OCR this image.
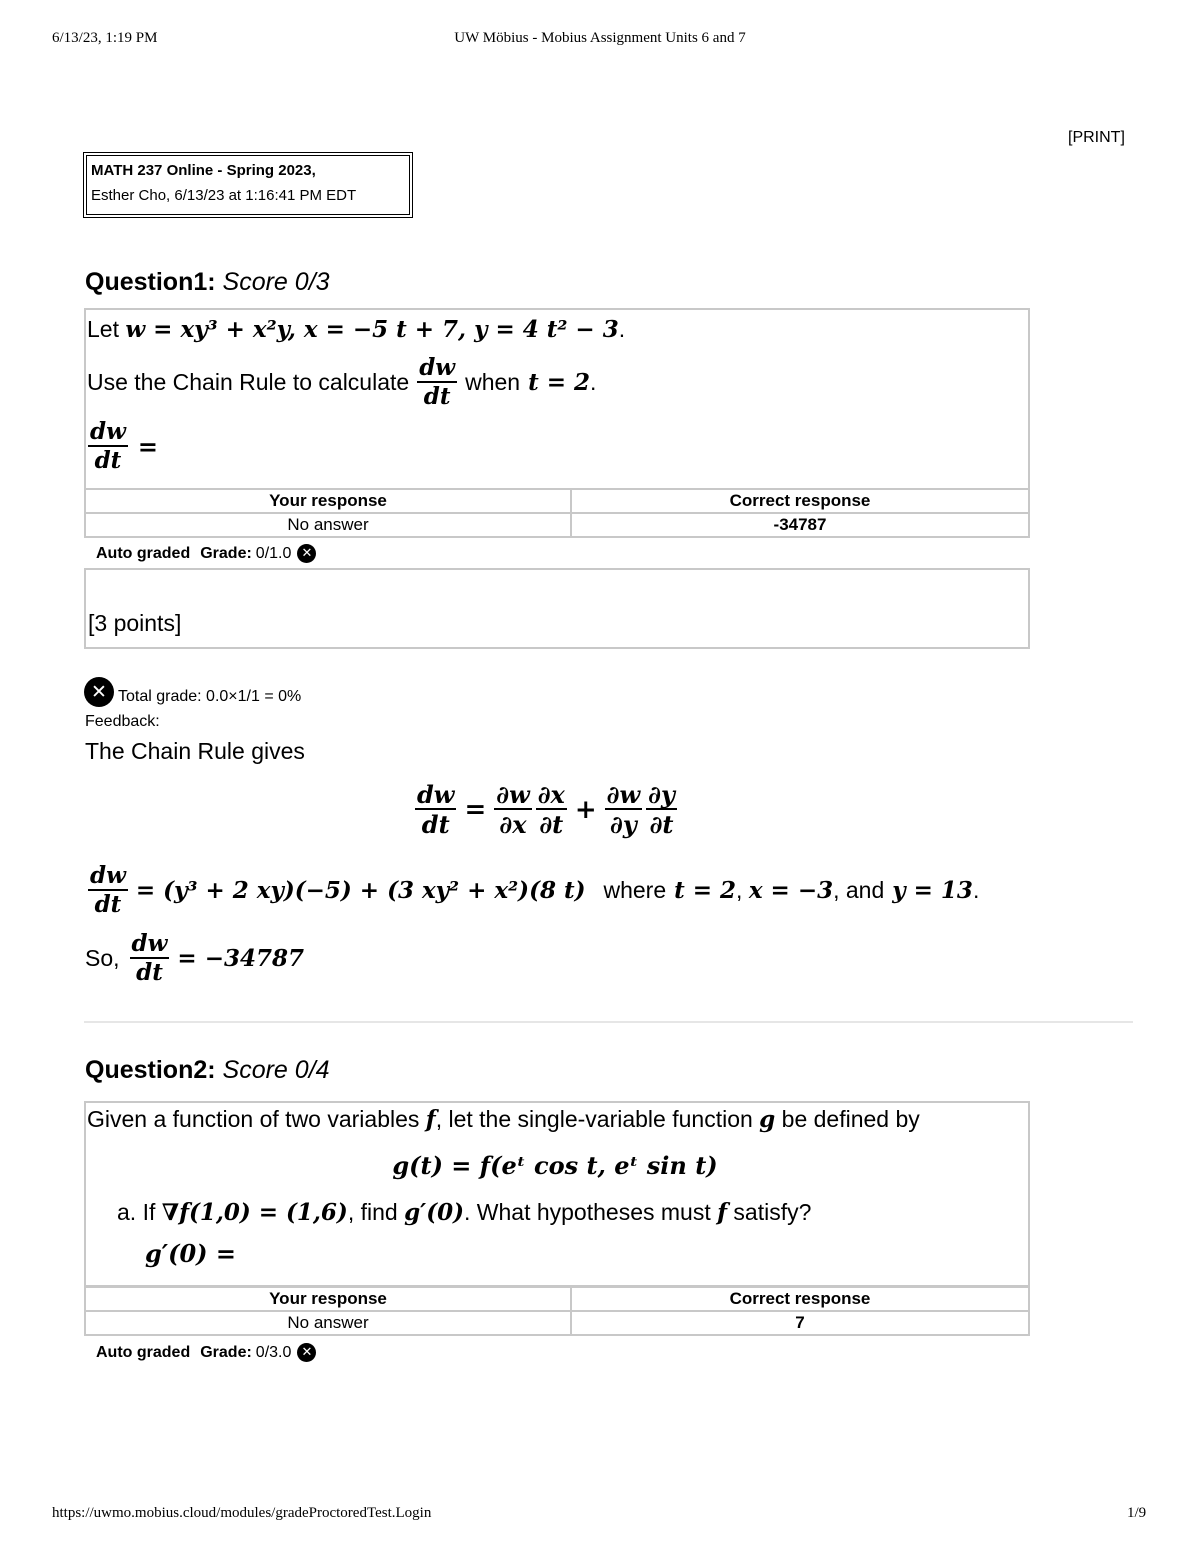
6/13/23, 1:19 PM	UW Möbius - Mobius Assignment Units 6 and 7
[PRINT]
MATH 237 Online - Spring 2023,
Esther Cho, 6/13/23 at 1:16:41 PM EDT
Question1: Score 0/3
Let w = xy³ + x²y, x = −5 t + 7, y = 4 t² − 3.
Use the Chain Rule to calculate $\frac{dw}{dt}$ when t = 2 .
$\frac{dw}{dt}$ =
Your response	Correct response
No answer	-34787
Auto graded Grade: 0/1.0 ✕
[3 points]
✕ Total grade: 0.0×1/1 = 0%
Feedback:
The Chain Rule gives
$\frac{dw}{dt} = \frac{\partial w}{\partial x} \frac{\partial x}{\partial t} + \frac{\partial w}{\partial y} \frac{\partial y}{\partial t}$
$\frac{dw}{dt} = (y^3 + 2$ xy)(−5) + (3 xy² + x²)(8 t) where t = 2 , x = −3 , and y = 13 .
So, $\frac{dw}{dt} = -34787$
Question2: Score 0/4
Given a function of two variables f, let the single-variable function g be defined by
g(t) = f(eᵗ cos t, eᵗ sin t)
a. If ∇f(1,0) = (1,6), find g′(0). What hypotheses must f satisfy?
g′(0) =
Your response	Correct response
No answer	7
Auto graded Grade: 0/3.0 ✕
https://uwmo.mobius.cloud/modules/gradeProctoredTest.Login	1/9
